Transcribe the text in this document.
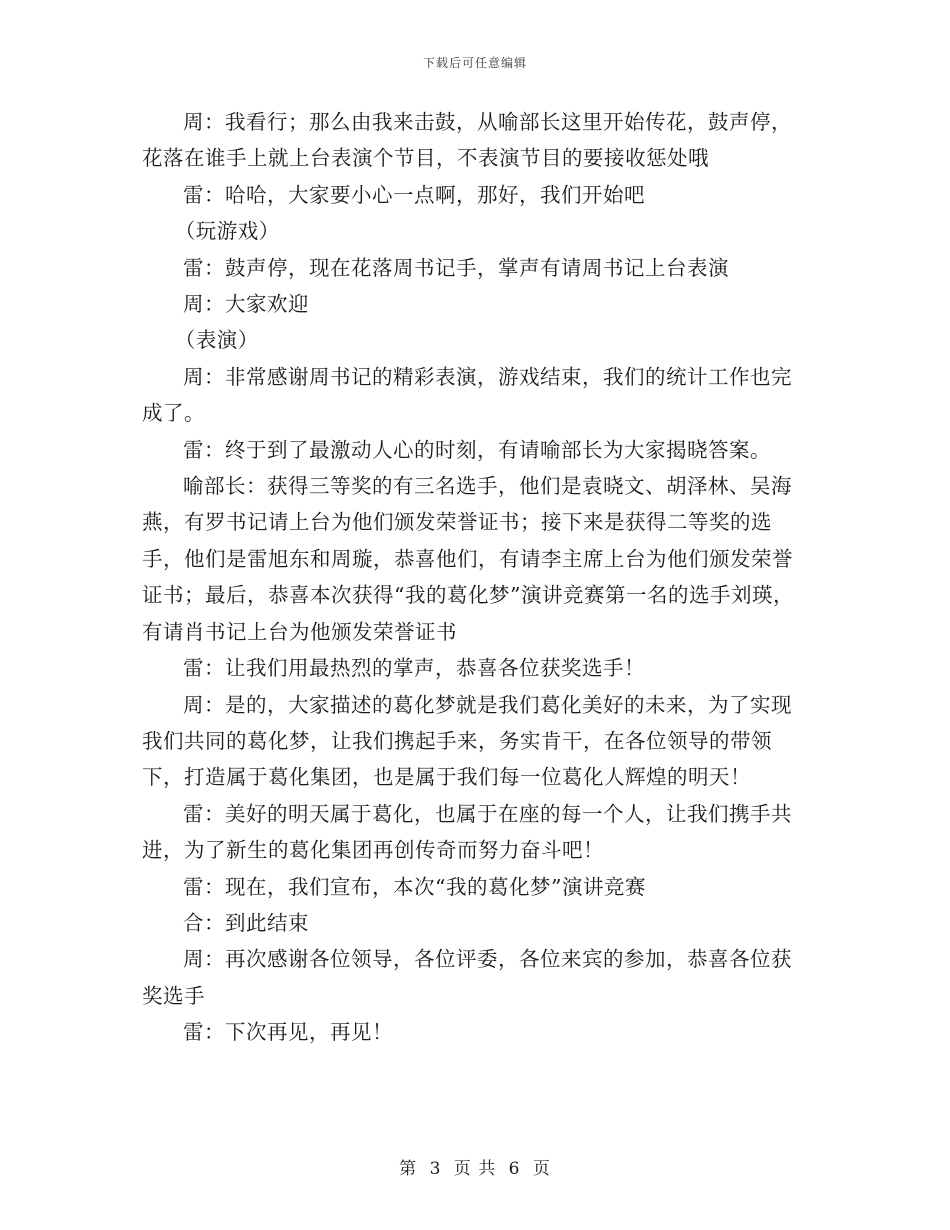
下载后可任意编辑

周：我看行；那么由我来击鼓，从喻部长这里开始传花，鼓声停，花落在谁手上就上台表演个节目，不表演节目的要接收惩处哦

雷：哈哈，大家要小心一点啊，那好，我们开始吧

（玩游戏）

雷：鼓声停，现在花落周书记手，掌声有请周书记上台表演

周：大家欢迎

（表演）

周：非常感谢周书记的精彩表演，游戏结束，我们的统计工作也完成了。

雷：终于到了最激动人心的时刻，有请喻部长为大家揭晓答案。

喻部长：获得三等奖的有三名选手，他们是袁晓文、胡泽林、吴海燕，有罗书记请上台为他们颁发荣誉证书；接下来是获得二等奖的选手，他们是雷旭东和周璇，恭喜他们，有请李主席上台为他们颁发荣誉证书；最后，恭喜本次获得“我的葛化梦”演讲竞赛第一名的选手刘瑛，有请肖书记上台为他颁发荣誉证书

雷：让我们用最热烈的掌声，恭喜各位获奖选手！

周：是的，大家描述的葛化梦就是我们葛化美好的未来，为了实现我们共同的葛化梦，让我们携起手来，务实肯干，在各位领导的带领下，打造属于葛化集团，也是属于我们每一位葛化人辉煌的明天！

雷：美好的明天属于葛化，也属于在座的每一个人，让我们携手共进，为了新生的葛化集团再创传奇而努力奋斗吧！

雷：现在，我们宣布，本次“我的葛化梦”演讲竞赛

合：到此结束

周：再次感谢各位领导，各位评委，各位来宾的参加，恭喜各位获奖选手

雷：下次再见，再见！

第 3 页 共 6 页
